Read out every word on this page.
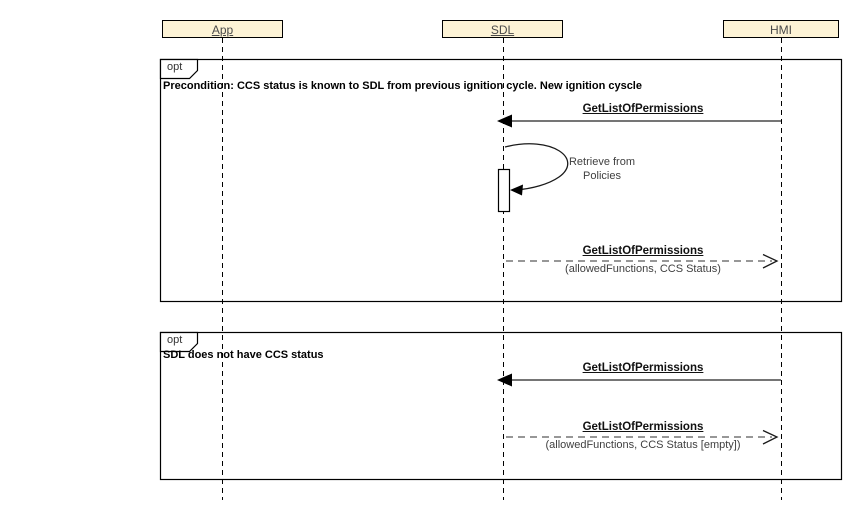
App	SDL	HMI
opt
opt
Precondition: CCS status is known to SDL from previous ignition cycle. New ignition cyscle
SDL does not have CCS status
GetListOfPermissions
Retrieve from Policies
GetListOfPermissions
(allowedFunctions, CCS Status)
GetListOfPermissions
GetListOfPermissions
(allowedFunctions, CCS Status [empty])
